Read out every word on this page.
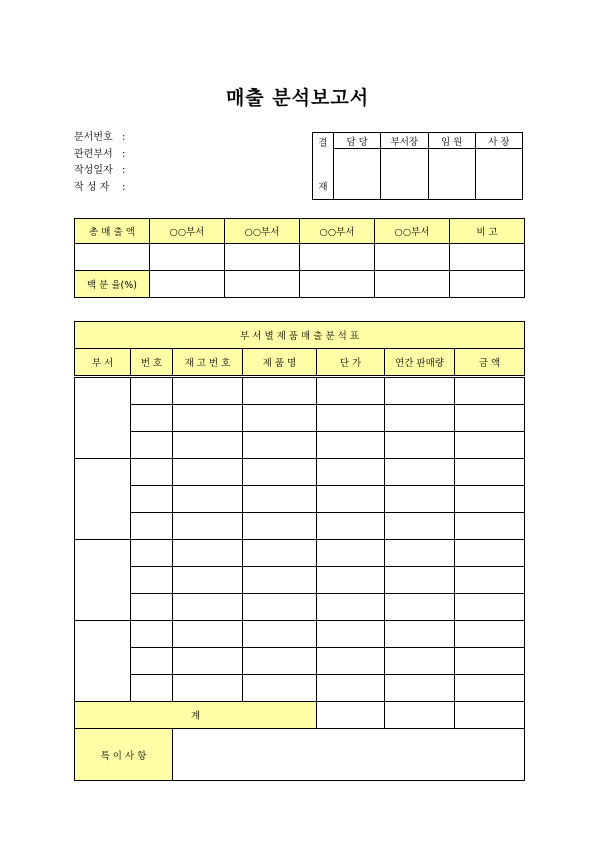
매출 분석보고서
문서번호 :
관련부서 :
작성일자 :
작 성 자	:
결

재	담 당	부서장	임 원	사 장

총 매 출 액	○○부서	○○부서	○○부서	○○부서	비 고

백 분 율(%)					
부 서 별 제 품 매 출 분 석 표						
부 서	번 호	재 고 번 호	제 품 명	단 가	연간 판매량	금 액

계						
특 이 사 항						
